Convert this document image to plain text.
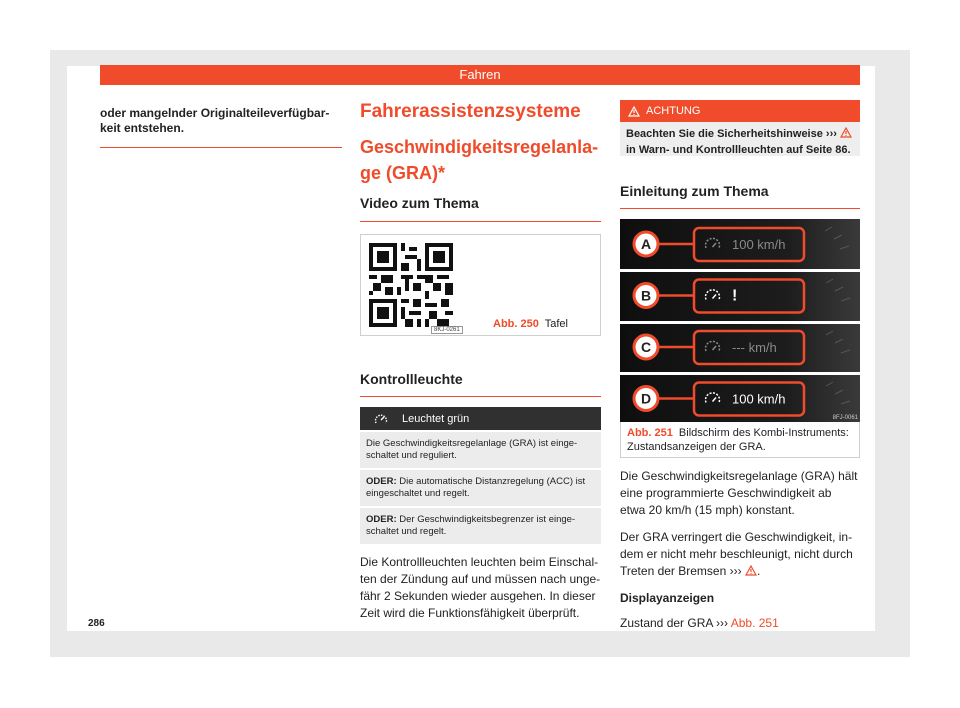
Fahren
oder mangelnder Originalteileverfügbar-keit entstehen.
Fahrerassistenzsysteme
Geschwindigkeitsregelanla-
ge (GRA)*
Video zum Thema
8KJ-0261	Abb. 250 Tafel
Kontrollleuchte
Leuchtet grün
Die Geschwindigkeitsregelanlage (GRA) ist einge-schaltet und reguliert.
ODER: Die automatische Distanzregelung (ACC) ist eingeschaltet und regelt.
ODER: Der Geschwindigkeitsbegrenzer ist einge-schaltet und regelt.
Die Kontrollleuchten leuchten beim Einschal-ten der Zündung auf und müssen nach unge-fähr 2 Sekunden wieder ausgehen. In dieser Zeit wird die Funktionsfähigkeit überprüft.
ACHTUNG
Beachten Sie die Sicherheitshinweise ›››
in Warn- und Kontrollleuchten auf Seite 86.
Einleitung zum Thema
A	100 km/h
B	!
C	--- km/h
D	100 km/h
8FJ-0061
Abb. 251 Bildschirm des Kombi-Instruments: Zustandsanzeigen der GRA.
Die Geschwindigkeitsregelanlage (GRA) hält eine programmierte Geschwindigkeit ab etwa 20 km/h (15 mph) konstant.
Der GRA verringert die Geschwindigkeit, in-dem er nicht mehr beschleunigt, nicht durch Treten der Bremsen ››› .
Displayanzeigen
Zustand der GRA ››› Abb. 251
286
